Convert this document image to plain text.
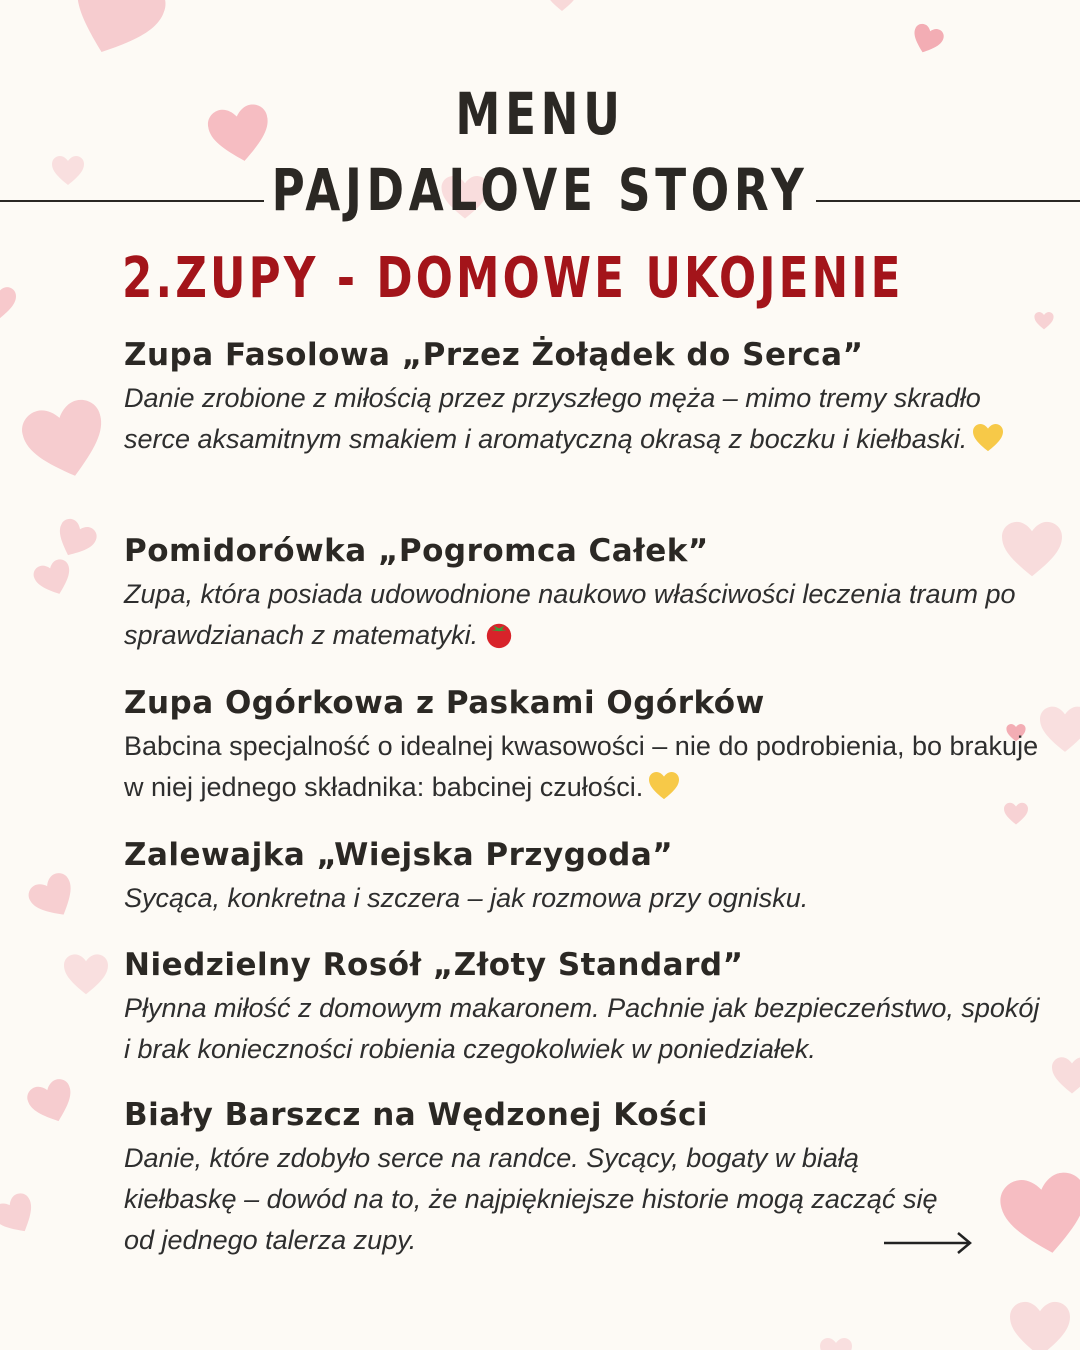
MENU
PAJDALOVE STORY
2.ZUPY - DOMOWE UKOJENIE

Zupa Fasolowa „Przez Żołądek do Serca”

Danie zrobione z miłością przez przyszłego męża – mimo tremy skradło serce aksamitnym smakiem i aromatyczną okrasą z boczku i kiełbaski.

Pomidorówka „Pogromca Całek”

Zupa, która posiada udowodnione naukowo właściwości leczenia traum po sprawdzianach z matematyki.

Zupa Ogórkowa z Paskami Ogórków

Babcina specjalność o idealnej kwasowości – nie do podrobienia, bo brakuje w niej jednego składnika: babcinej czułości.

Zalewajka „Wiejska Przygoda”

Sycąca, konkretna i szczera – jak rozmowa przy ognisku.

Niedzielny Rosół „Złoty Standard”

Płynna miłość z domowym makaronem. Pachnie jak bezpieczeństwo, spokój i brak konieczności robienia czegokolwiek w poniedziałek.

Biały Barszcz na Wędzonej Kości

Danie, które zdobyło serce na randce. Sycący, bogaty w białą kiełbaskę – dowód na to, że najpiękniejsze historie mogą zacząć się od jednego talerza zupy.
